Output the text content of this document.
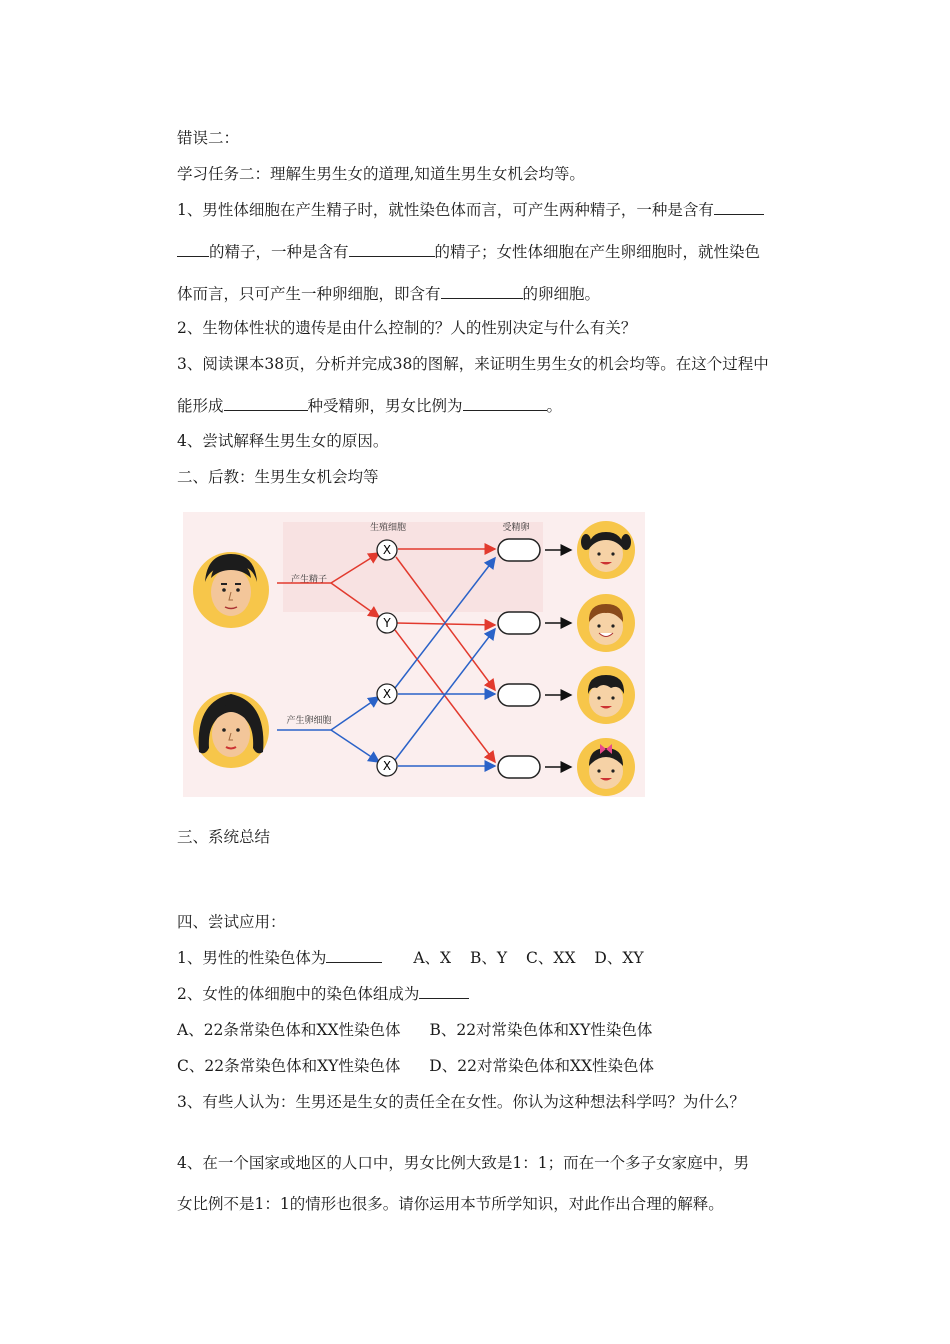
错误二：
学习任务二：理解生男生女的道理,知道生男生女机会均等。
1、男性体细胞在产生精子时，就性染色体而言，可产生两种精子，一种是含有
的精子，一种是含有	的精子；女性体细胞在产生卵细胞时，就性染色
体而言，只可产生一种卵细胞，即含有	的卵细胞。
2、生物体性状的遗传是由什么控制的？人的性别决定与什么有关？
3、阅读课本38页，分析并完成38的图解，来证明生男生女的机会均等。在这个过程中
能形成	种受精卵，男女比例为	。
4、尝试解释生男生女的原因。
二、后教：生男生女机会均等
生殖细胞	受精卵
产生精子
产生卵细胞
X
Y
X
X
三、系统总结
四、尝试应用：
1、男性的性染色体为	A、X B、Y C、XX D、XY
2、女性的体细胞中的染色体组成为
A、22条常染色体和XX性染色体 B、22对常染色体和XY性染色体
C、22条常染色体和XY性染色体 D、22对常染色体和XX性染色体
3、有些人认为：生男还是生女的责任全在女性。你认为这种想法科学吗？为什么？
4、在一个国家或地区的人口中，男女比例大致是1：1；而在一个多子女家庭中，男
女比例不是1：1的情形也很多。请你运用本节所学知识，对此作出合理的解释。
